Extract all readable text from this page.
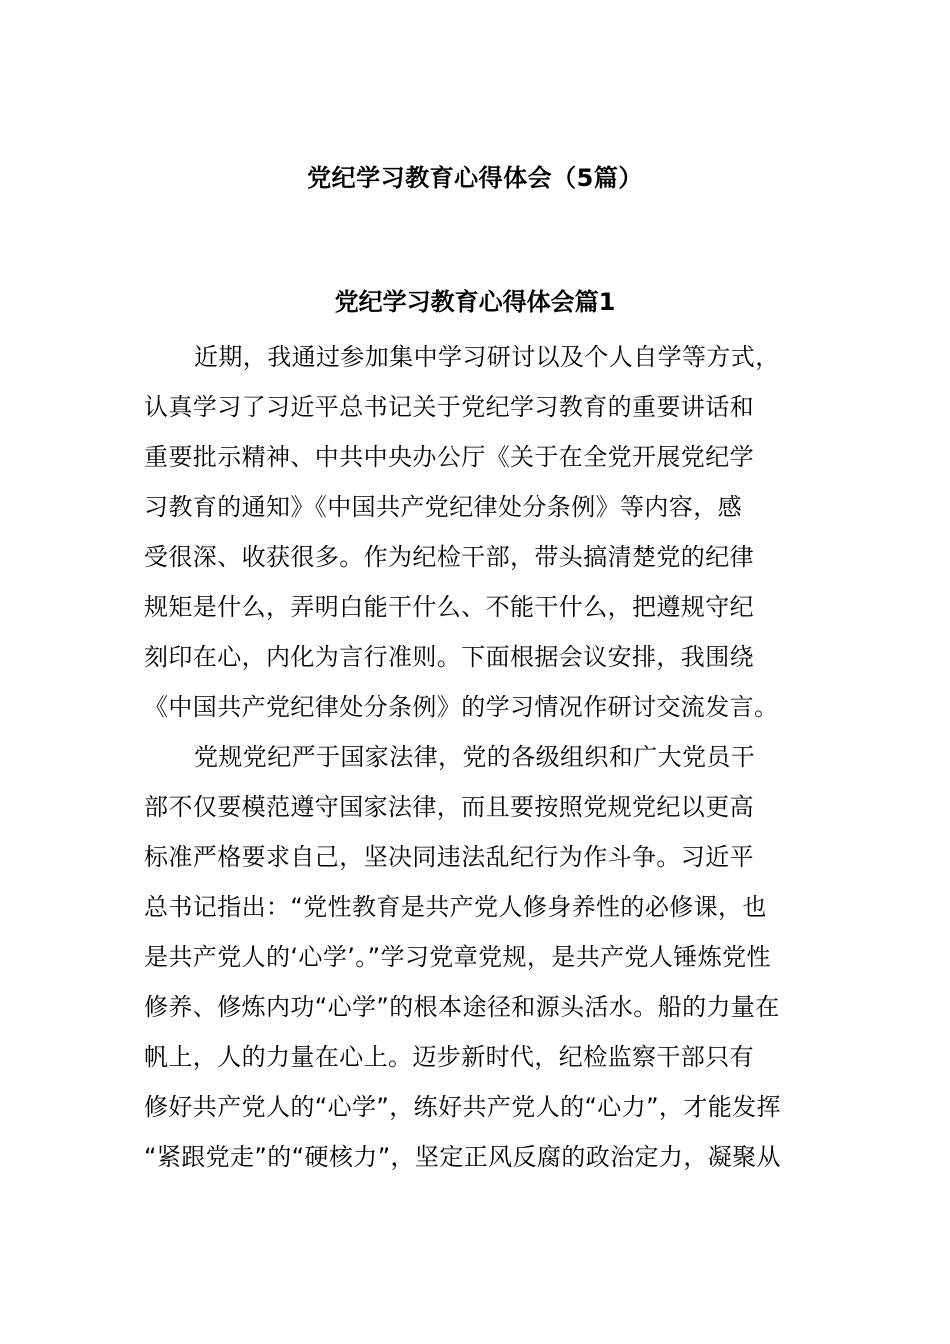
党纪学习教育心得体会（5篇）
党纪学习教育心得体会篇1
近期，我通过参加集中学习研讨以及个人自学等方式，
认真学习了习近平总书记关于党纪学习教育的重要讲话和
重要批示精神、中共中央办公厅《关于在全党开展党纪学
习教育的通知》《中国共产党纪律处分条例》等内容，感
受很深、收获很多。作为纪检干部，带头搞清楚党的纪律
规矩是什么，弄明白能干什么、不能干什么，把遵规守纪
刻印在心，内化为言行准则。下面根据会议安排，我围绕
《中国共产党纪律处分条例》的学习情况作研讨交流发言。
党规党纪严于国家法律，党的各级组织和广大党员干
部不仅要模范遵守国家法律，而且要按照党规党纪以更高
标准严格要求自己，坚决同违法乱纪行为作斗争。习近平
总书记指出：“党性教育是共产党人修身养性的必修课，也
是共产党人的‘心学’。”学习党章党规，是共产党人锤炼党性
修养、修炼内功“心学”的根本途径和源头活水。船的力量在
帆上，人的力量在心上。迈步新时代，纪检监察干部只有
修好共产党人的“心学”，练好共产党人的“心力”，才能发挥
“紧跟党走”的“硬核力”，坚定正风反腐的政治定力，凝聚从
